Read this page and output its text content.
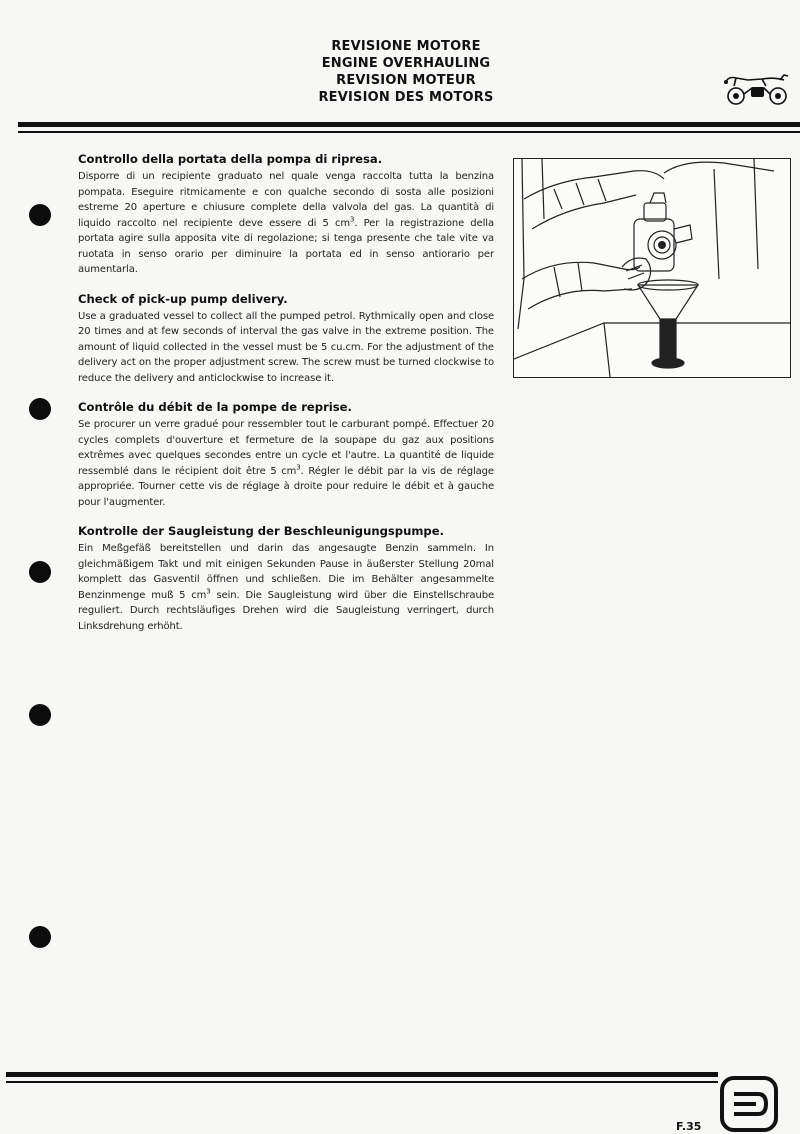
REVISIONE MOTORE
ENGINE OVERHAULING
REVISION MOTEUR
REVISION DES MOTORS
Controllo della portata della pompa di ripresa.

Disporre di un recipiente graduato nel quale venga raccolta tutta la benzina pompata. Eseguire ritmicamente e con qualche secondo di sosta alle posizioni estreme 20 aperture e chiusure complete della valvola del gas. La quantità di liquido raccolto nel recipiente deve essere di 5 $cm^3$. Per la registrazione della portata agire sulla apposita vite di regolazione; si tenga presente che tale vite va ruotata in senso orario per diminuire la portata ed in senso antiorario per aumentarla.

Check of pick-up pump delivery.

Use a graduated vessel to collect all the pumped petrol. Rythmically open and close 20 times and at few seconds of interval the gas valve in the extreme position. The amount of liquid collected in the vessel must be 5 cu.cm. For the adjustment of the delivery act on the proper adjustment screw. The screw must be turned clockwise to reduce the delivery and anticlockwise to increase it.

Contrôle du débit de la pompe de reprise.

Se procurer un verre gradué pour ressembler tout le carburant pompé. Effectuer 20 cycles complets d'ouverture et fermeture de la soupape du gaz aux positions extrêmes avec quelques secondes entre un cycle et l'autre. La quantité de liquide ressemblé dans le récipient doit être 5 $cm^3$. Régler le débit par la vis de réglage appropriée. Tourner cette vis de réglage à droite pour reduire le débit et à gauche pour l'augmenter.

Kontrolle der Saugleistung der Beschleunigungspumpe.

Ein Meßgefäß bereitstellen und darin das angesaugte Benzin sammeln. In gleichmäßigem Takt und mit einigen Sekunden Pause in äußerster Stellung 20mal komplett das Gasventil öffnen und schließen. Die im Behälter angesammelte Benzinmenge muß 5 $cm^3$ sein. Die Saugleistung wird über die Einstellschraube reguliert. Durch rechtsläufiges Drehen wird die Saugleistung verringert, durch Linksdrehung erhöht.

F.35
